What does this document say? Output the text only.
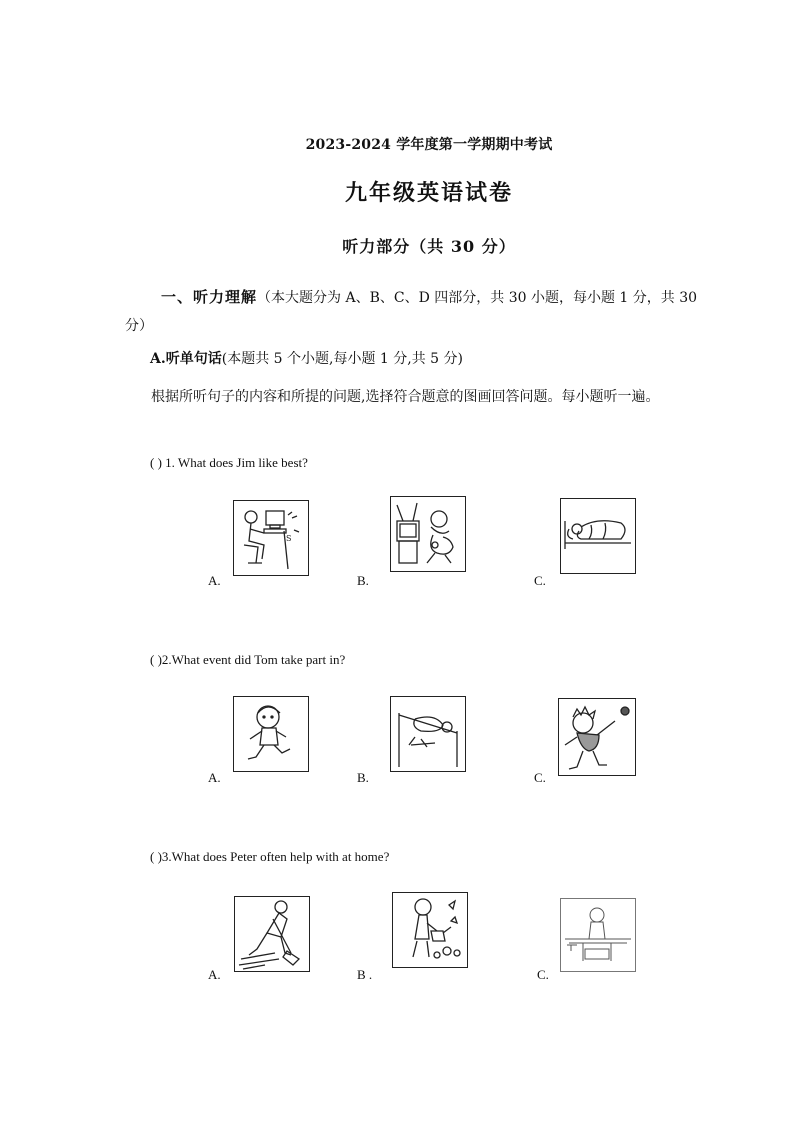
2023-2024 学年度第一学期期中考试
九年级英语试卷
听力部分（共 30 分）
一、听力理解（本大题分为 A、B、C、D 四部分，共 30 小题，每小题 1 分，共 30 分）
A.听单句话(本题共 5 个小题,每小题 1 分,共 5 分)
根据所听句子的内容和所提的问题,选择符合题意的图画回答问题。每小题听一遍。
( ) 1. What does Jim like best?
S
A.	B.	C.
( )2.What event did Tom take part in?
A.	B.	C.
( )3.What does Peter often help with at home?
A.	B .	C.
